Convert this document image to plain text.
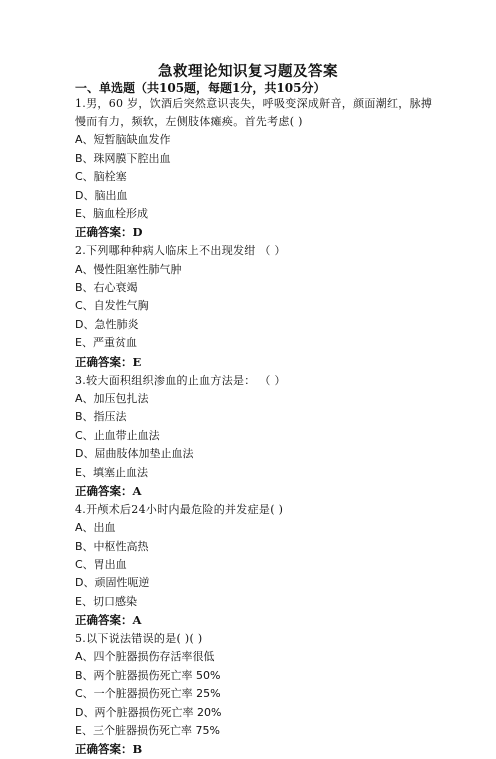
急救理论知识复习题及答案
一、单选题（共105题，每题1分，共105分）
1.男，60 岁，饮酒后突然意识丧失，呼吸变深成鼾音，颜面潮红，脉搏慢而有力，频软，左侧肢体瘫痪。首先考虑( )
A、短暂脑缺血发作
B、珠网膜下腔出血
C、脑栓塞
D、脑出血
E、脑血栓形成
正确答案：D
2.下列哪种种病人临床上不出现发绀 （ ）
A、慢性阻塞性肺气肿
B、右心衰竭
C、自发性气胸
D、急性肺炎
E、严重贫血
正确答案：E
3.较大面积组织渗血的止血方法是： （ ）
A、加压包扎法
B、指压法
C、止血带止血法
D、屈曲肢体加垫止血法
E、填塞止血法
正确答案：A
4.开颅术后24小时内最危险的并发症是( )
A、出血
B、中枢性高热
C、胃出血
D、顽固性呃逆
E、切口感染
正确答案：A
5.以下说法错误的是( )( )
A、四个脏器损伤存活率很低
B、两个脏器损伤死亡率 50%
C、一个脏器损伤死亡率 25%
D、两个脏器损伤死亡率 20%
E、三个脏器损伤死亡率 75%
正确答案：B
